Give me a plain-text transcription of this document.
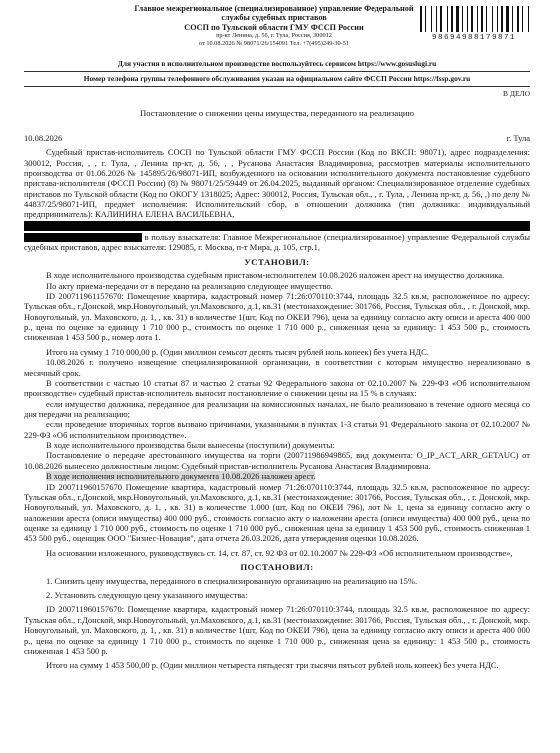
Главное межрегиональное (специализированное) управление Федеральной
службы судебных приставов
СОСП по Тульской области ГМУ ФССП России
пр-кт Ленина, д. 56, г. Тула, Россия, 300012
от 10.08.2026 № 98071/26/154091 Тел. +7(495)249-30-51
98694988179871
Для участия в исполнительном производстве воспользуйтесь сервисом https://www.gosuslugi.ru
Номер телефона группы телефонного обслуживания указан на официальном сайте ФССП России https://fssp.gov.ru
В ДЕЛО
Постановление о снижении цены имущества, переданного на реализацию
10.08.2026	г. Тула

Судебный пристав-исполнитель СОСП по Тульской области ГМУ ФССП России (Код по ВКСП: 98071), адрес подразделения: 300012, Россия, , , г. Тула, , Ленина пр-кт, д. 56, , , Русанова Анастасия Владимировна, рассмотрев материалы исполнительного производства от 01.06.2026 № 145895/26/98071-ИП, возбужденного на основании исполнительного документа постановление судебного пристава-исполнителя (ФССП России) (8) № 98071/25/59449 от 26.04.2025, выданный органом: Специализированное отделение судебных приставов по Тульской области (Код по ОКОГУ 1318025; Адрес: 300012, Россия, Тульская обл., , г. Тула, , Ленина пр-кт, д. 56, ,) по делу № 44837/25/98071-ИП, предмет исполнения: Исполнительский сбор, в отношении должника (тип должника: индивидуальный предприниматель): КАЛИНИНА ЕЛЕНА ВАСИЛЬЕВНА,

в пользу взыскателя: Главное Межрегиональное (специализированное) управление Федеральной службы судебных приставов, адрес взыскателя: 129085, г. Москва, п-т Мира, д. 105, стр.1,

УСТАНОВИЛ:

В ходе исполнительного производства судебным приставом-исполнителем 10.08.2026 наложен арест на имущество должника.

По акту приема-передачи от в передано на реализацию следующее имущество.

ID 200711961157670: Помещение квартира, кадастровый номер 71:26:070110:3744, площадь 32.5 кв.м, расположенное по адресу: Тульская обл., г.Донской, мкр.Новоугольный, ул.Маховского, д.1, кв.31 (местонахождение: 301766, Россия, Тульская обл., , г. Донской, мкр. Новоугольный, ул. Маховского, д. 1, , кв. 31) в количестве 1(шт, Код по ОКЕИ 796), цена за единицу согласно акту описи и ареста 400 000 р., цена по оценке за единицу 1 710 000 р., стоимость по оценке 1 710 000 р., сниженная цена за единицу: 1 453 500 р., стоимость сниженная 1 453 500 р., номер лота 1.

Итого на сумму 1 710 000,00 р. (Один миллион семьсот десять тысяч рублей ноль копеек) без учета НДС.

10.08.2026 г. получено извещение специализированной организации, в соответствии с которым имущество нереализовано в месячный срок.

В соответствии с частью 10 статьи 87 и частью 2 статьи 92 Федерального закона от 02.10.2007 № 229-ФЗ «Об исполнительном производстве» судебный пристав-исполнитель выносит постановление о снижении цены на 15 % в случаях:

если имущество должника, переданное для реализации на комиссионных началах, не было реализовано в течение одного месяца со дня передачи на реализацию;

если проведение вторичных торгов вызвано причинами, указанными в пунктах 1-3 статьи 91 Федерального закона от 02.10.2007 № 229-ФЗ «Об исполнительном производстве».

В ходе исполнительного производства были вынесены (поступили) документы:

Постановление о передаче арестованного имущества на торги (200711986949865, вид документа: O_IP_ACT_ARR_GETAUC) от 10.08.2026 вынесено должностным лицом: Судебный пристав-исполнитель Русанова Анастасия Владимировна.

В ходе исполнения исполнительного документа 10.08.2026 наложен арест.

ID 200711960157670 Помещение квартира, кадастровый номер 71:26:070110:3744, площадь 32.5 кв.м, расположенное по адресу: Тульская обл., г.Донской, мкр.Новоугольный, ул.Маховского, д.1, кв.31 (местонахождение: 301766, Россия, Тульская обл., , г. Донской, мкр. Новоугольный, ул. Маховского, д. 1, , кв. 31) в количестве 1.000 (шт, Код по ОКЕИ 796), лот № 1, цена за единицу согласно акту о наложении ареста (описи имущества) 400 000 руб., стоимость согласно акту о наложении ареста (описи имущества) 400 000 руб., цена по оценке за единицу 1 710 000 руб., стоимость по оценке 1 710 000 руб., сниженная цена за единицу 1 453 500 руб., стоимость сниженная 1 453 500 руб., оценщик ООО "Бизнес-Новация", дата отчета 26.03.2026, дата утверждения оценки 10.08.2026.

На основании изложенного, руководствуясь ст. 14, ст. 87, ст. 92 ФЗ от 02.10.2007 № 229-ФЗ «Об исполнительном производстве»,

ПОСТАНОВИЛ:

1. Снизить цену имущества, переданного в специализированную организацию на реализацию на 15%.

2. Установить следующую цену указанного имущества:

ID 200711960157670: Помещение квартира, кадастровый номер 71:26:070110:3744, площадь 32.5 кв.м, расположенное по адресу: Тульская обл., г.Донской, мкр.Новоугольный, ул.Маховского, д.1, кв.31 (местонахождение: 301766, Россия, Тульская обл., , г. Донской, мкр. Новоугольный, ул. Маховского, д. 1, , кв. 31) в количестве 1(шт, Код по ОКЕИ 796), цена за единицу согласно акту описи и ареста 400 000 р., цена по оценке за единицу 1 710 000 р., стоимость по оценке 1 710 000 р., сниженная цена за единицу: 1 453 500 р., стоимость сниженная 1 453 500 р.

Итого на сумму 1 453 500,00 р. (Один миллион четыреста пятьдесят три тысячи пятьсот рублей ноль копеек) без учета НДС.
